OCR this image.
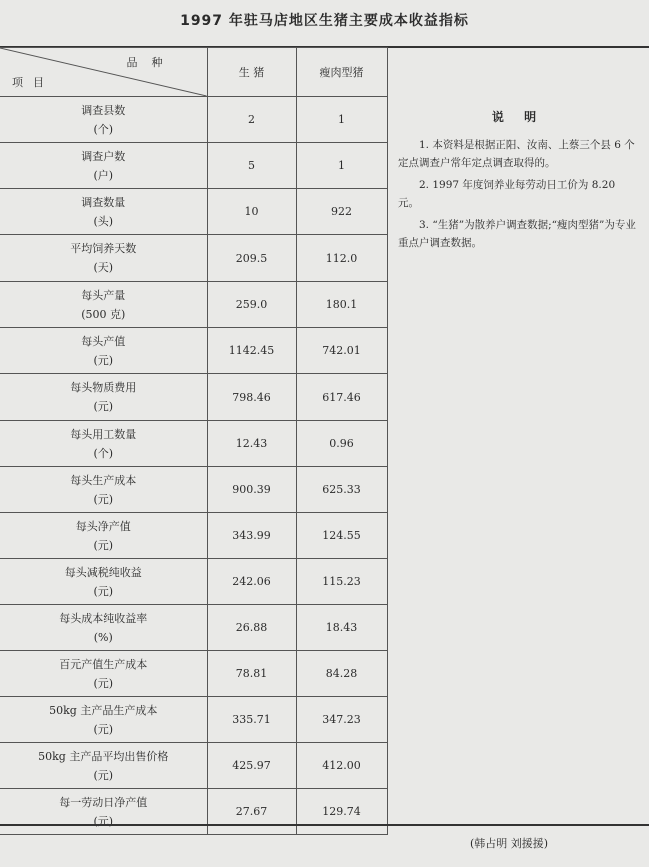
1997 年驻马店地区生猪主要成本收益指标
品种
项目	生 猪	瘦肉型猪

调查县数
(个)	2	1

调查户数
(户)	5	1

调查数量
(头)	10	922

平均饲养天数
(天)	209.5	112.0

每头产量
(500 克)	259.0	180.1

每头产值
(元)	1142.45	742.01

每头物质费用
(元)	798.46	617.46

每头用工数量
(个)	12.43	0.96

每头生产成本
(元)	900.39	625.33

每头净产值
(元)	343.99	124.55

每头减税纯收益
(元)	242.06	115.23

每头成本纯收益率
(%)	26.88	18.43

百元产值生产成本
(元)	78.81	84.28

50kg 主产品生产成本
(元)	335.71	347.23

50kg 主产品平均出售价格
(元)	425.97	412.00

每一劳动日净产值
(元)	27.67	129.74
说 明

1. 本资料是根据正阳、汝南、上蔡三个县 6 个定点调查户常年定点调查取得的。

2. 1997 年度饲养业每劳动日工价为 8.20 元。

3. “生猪”为散养户调查数据;“瘦肉型猪”为专业重点户调查数据。

(韩占明 刘援援)
